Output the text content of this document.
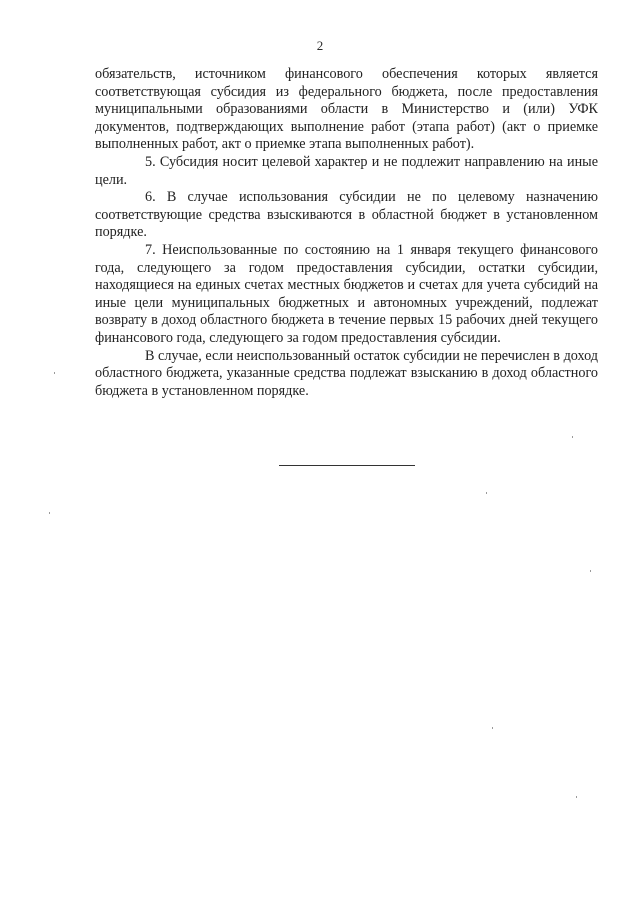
2

обязательств, источником финансового обеспечения которых является соответствующая субсидия из федерального бюджета, после предоставления муниципальными образованиями области в Министерство и (или) УФК документов, подтверждающих выполнение работ (этапа работ) (акт о приемке выполненных работ, акт о приемке этапа выполненных работ).

5. Субсидия носит целевой характер и не подлежит направлению на иные цели.

6. В случае использования субсидии не по целевому назначению соответствующие средства взыскиваются в областной бюджет в установленном порядке.

7. Неиспользованные по состоянию на 1 января текущего финансового года, следующего за годом предоставления субсидии, остатки субсидии, находящиеся на единых счетах местных бюджетов и счетах для учета субсидий на иные цели муниципальных бюджетных и автономных учреждений, подлежат возврату в доход областного бюджета в течение первых 15 рабочих дней текущего финансового года, следующего за годом предоставления субсидии.

В случае, если неиспользованный остаток субсидии не перечислен в доход областного бюджета, указанные средства подлежат взысканию в доход областного бюджета в установленном порядке.
